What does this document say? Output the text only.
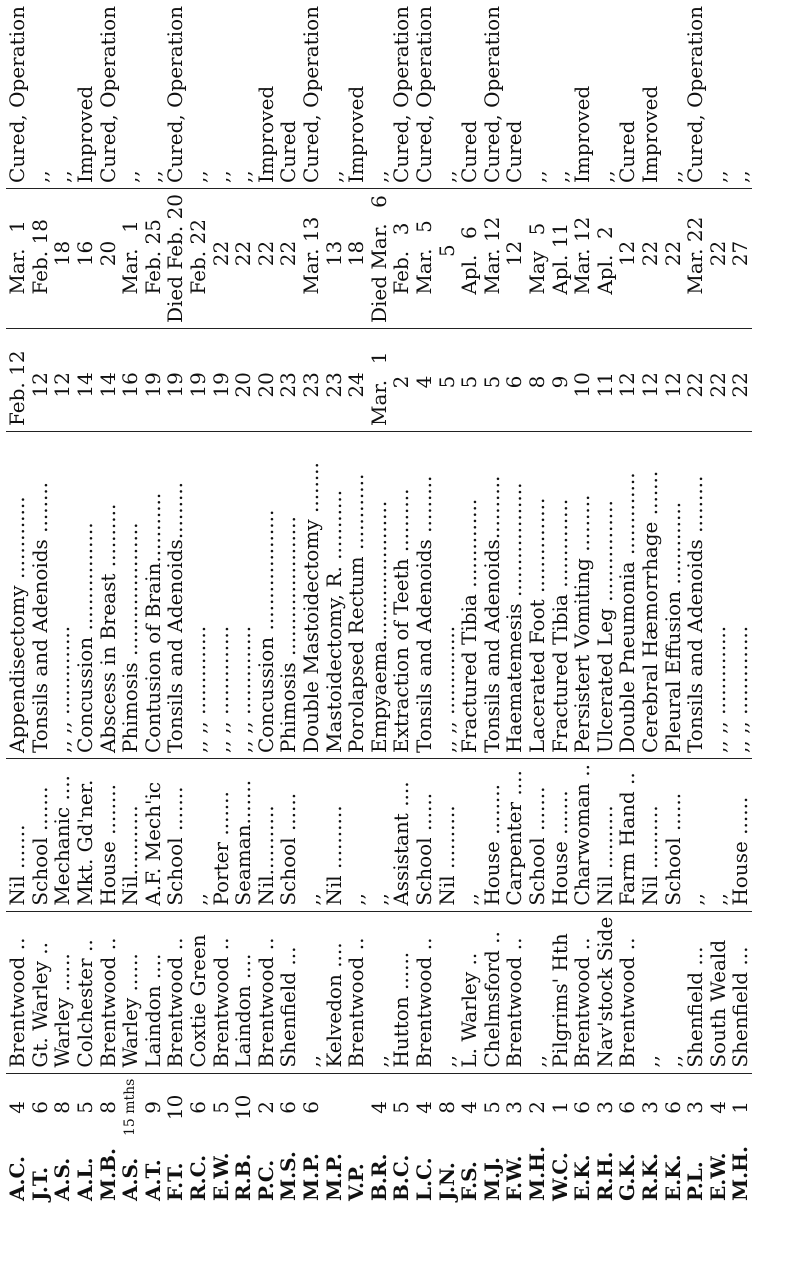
A.C.	4	Brentwood ..	Nil .......	Appendisectomy .............	Feb. 12	Mar. 1	Cured, Operation
J.T.	6	Gt. Warley ..	School .......	Tonsils and Adenoids ........	12	Feb. 18	,,
A.S.	8	Warley ......	Mechanic ....	,, ,, ..............	12	18	,,
A.L.	5	Colchester ..	Mkt. Gd'ner.	Concussion .................	14	16	Improved
M.B.	8	Brentwood ..	House ........	Abscess in Breast ..........	14	20	Cured, Operation
A.S.	15 mths	Warley ......	Nil...........	Phimosis .....................	16	Mar. 1	,,
A.T.	9	Laindon ....	A.F. Mech'ic	Contusion of Brain...........	19	Feb. 25	,,
F.T.	10	Brentwood ..	School .......	Tonsils and Adenoids.........	19	Died Feb. 20	Cured, Operation
R.C.	6	Coxtie Green	,,	,, ,, ..............	19	Feb. 22	,,
E.W.	5	Brentwood ..	Porter .......	,, ,, ..............	19	22	,,
R.B.	10	Laindon ....	Seaman.......	,, ,, ..............	20	22	,,
P.C.	2	Brentwood ..	Nil...........	Concussion ...................	20	22	Improved
M.S.	6	Shenfield ...	School ......	Phimosis ......................	23	22	Cured
M.P.	6	,,	,,	Double Mastoidectomy ........	23	Mar. 13	Cured, Operation
M.P.		Kelvedon ....	Nil ..........	Mastoidectomy, R. ...........	23	13	,,
V.P.		Brentwood ..	,,	Porolapsed Rectum ............	24	18	Improved
B.R.	4	,,	,,	Empyaema......................	Mar. 1	Died Mar. 6	,,
B.C.	5	Hutton ......	Assistant ....	Extraction of Teeth ..........	2	Feb. 3	Cured, Operation
L.C.	4	Brentwood ..	School ......	Tonsils and Adenoids .........	4	Mar. 5	Cured, Operation
J.N.	8	,,	Nil ..........	,, ,, ..............	5	5	,,
F.S.	4	L. Warley ..	,,	Fractured Tibia ..............	5	Apl. 6	Cured
M.J.	5	Chelmsford ..	House ........	Tonsils and Adenoids..........	5	Mar. 12	Cured, Operation
F.W.	3	Brentwood ..	Carpenter ....	Haematemesis ..................	6	12	Cured
M.H.	2	,,	School .......	Lacerated Foot ...............	8	May 5	,,
W.C.	1	Pilgrims' Hth	House .......	Fractured Tibia ..............	9	Apl. 11	,,
E.K.	6	Brentwood ..	Charwoman ..	Persistert Vomiting .........	10	Mar. 12	Improved
R.H.	3	Nav'stock Side	Nil ..........	Ulcerated Leg ................	11	Apl. 2	,,
G.K.	6	Brentwood ..	Farm Hand ..	Double Pneumonia .............	12	12	Cured
R.K.	3	,,	Nil ..........	Cerebral Hæmorrhage .......	12	22	Improved
E.K.	6	,,	School ......	Pleural Effusion .............	12	22	,,
P.L.	3	Shenfield ...	,,	Tonsils and Adenoids .........	22	Mar. 22	Cured, Operation
E.W.	4	South Weald	,,	,, ,, ..............	22	22	,,
M.H.	1	Shenfield ...	House ......	,, ,, ..............	22	27	,,
